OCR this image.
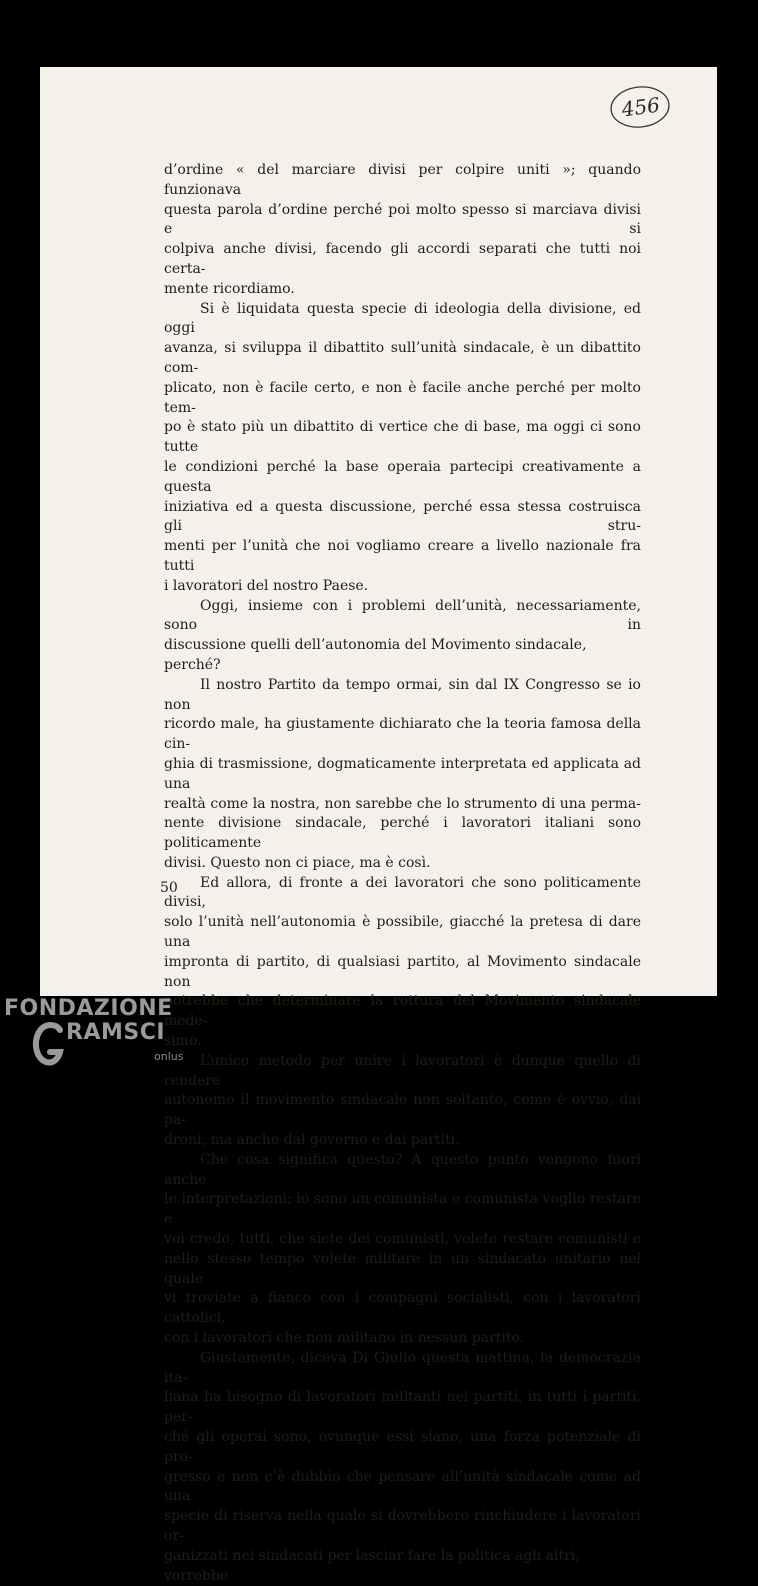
456
d’ordine « del marciare divisi per colpire uniti »; quando funzionava
questa parola d’ordine perché poi molto spesso si marciava divisi e si
colpiva anche divisi, facendo gli accordi separati che tutti noi certa-
mente ricordiamo.
Si è liquidata questa specie di ideologia della divisione, ed oggi
avanza, si sviluppa il dibattito sull’unità sindacale, è un dibattito com-
plicato, non è facile certo, e non è facile anche perché per molto tem-
po è stato più un dibattito di vertice che di base, ma oggi ci sono tutte
le condizioni perché la base operaia partecipi creativamente a questa
iniziativa ed a questa discussione, perché essa stessa costruisca gli stru-
menti per l’unità che noi vogliamo creare a livello nazionale fra tutti
i lavoratori del nostro Paese.
Oggi, insieme con i problemi dell’unità, necessariamente, sono in
discussione quelli dell’autonomia del Movimento sindacale, perché?
Il nostro Partito da tempo ormai, sin dal IX Congresso se io non
ricordo male, ha giustamente dichiarato che la teoria famosa della cin-
ghia di trasmissione, dogmaticamente interpretata ed applicata ad una
realtà come la nostra, non sarebbe che lo strumento di una perma-
nente divisione sindacale, perché i lavoratori italiani sono politicamente
divisi. Questo non ci piace, ma è così.
Ed allora, di fronte a dei lavoratori che sono politicamente divisi,
solo l’unità nell’autonomia è possibile, giacché la pretesa di dare una
impronta di partito, di qualsiasi partito, al Movimento sindacale non
potrebbe che determinare la rottura del Movimento sindacale mede-
simo.
L’unico metodo per unire i lavoratori è dunque quello di rendere
autonomo il movimento sindacale non soltanto, come è ovvio, dai pa-
droni, ma anche dal governo e dai partiti.
Che cosa significa questo? A questo punto vengono fuori anche
le interpretazioni; io sono un comunista e comunista voglio restare e
voi credo, tutti, che siete dei comunisti, volete restare comunisti e
nello stesso tempo volete militare in un sindacato unitario nel quale
vi troviate a fianco con i compagni socialisti, con i lavoratori cattolici,
con i lavoratori che non militano in nessun partito.
Giustamente, diceva Di Giulio questa mattina, la democrazia ita-
liana ha bisogno di lavoratori militanti nei partiti, in tutti i partiti, per-
ché gli operai sono, ovunque essi siano, una forza potenziale di pro-
gresso e non c’è dubbio che pensare all’unità sindacale come ad una
specie di riserva nella quale si dovrebbero rinchiudere i lavoratori or-
ganizzati nei sindacati per lasciar fare la politica agli altri, vorrebbe
50
FONDAZIONE
RAMSCI
onlus
